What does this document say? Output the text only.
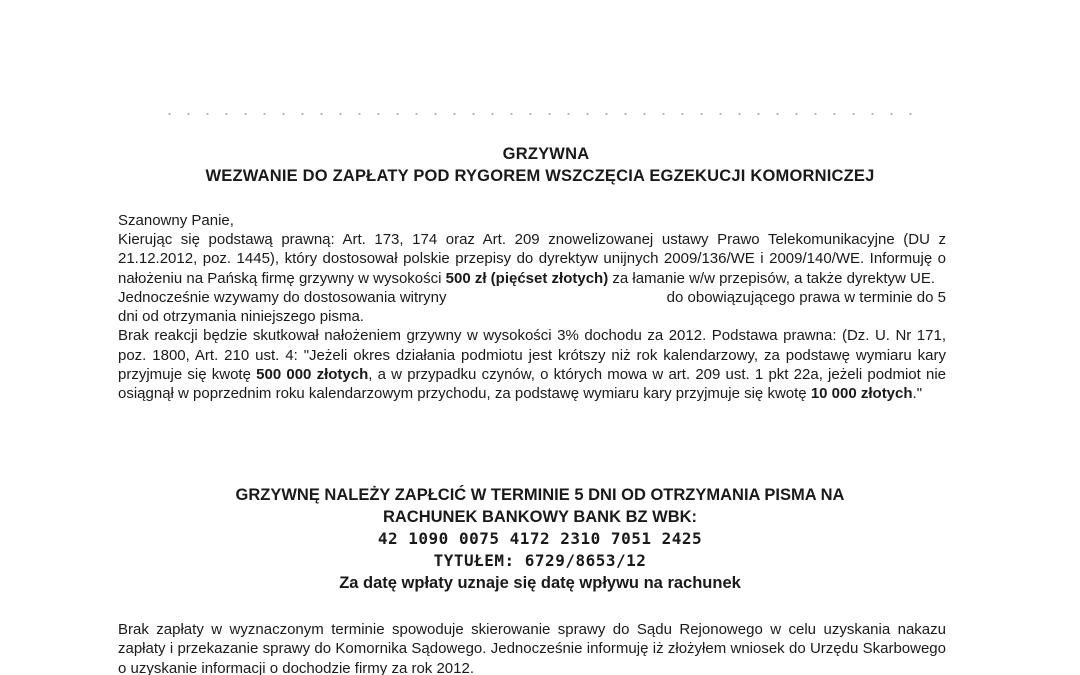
GRZYWNA
WEZWANIE DO ZAPŁATY POD RYGOREM WSZCZĘCIA EGZEKUCJI KOMORNICZEJ
Szanowny Panie,

Kierując się podstawą prawną: Art. 173, 174 oraz Art. 209 znowelizowanej ustawy Prawo Telekomunikacyjne (DU z 21.12.2012, poz. 1445), który dostosował polskie przepisy do dyrektyw unijnych 2009/136/WE i 2009/140/WE. Informuję o nałożeniu na Pańską firmę grzywny w wysokości 500 zł (pięćset złotych) za łamanie w/w przepisów, a także dyrektyw UE.

Jednocześnie wzywamy do dostosowania witryny	do obowiązującego prawa w terminie do 5

dni od otrzymania niniejszego pisma.

Brak reakcji będzie skutkował nałożeniem grzywny w wysokości 3% dochodu za 2012. Podstawa prawna: (Dz. U. Nr 171, poz. 1800, Art. 210 ust. 4: "Jeżeli okres działania podmiotu jest krótszy niż rok kalendarzowy, za podstawę wymiaru kary przyjmuje się kwotę 500 000 złotych, a w przypadku czynów, o których mowa w art. 209 ust. 1 pkt 22a, jeżeli podmiot nie osiągnął w poprzednim roku kalendarzowym przychodu, za podstawę wymiaru kary przyjmuje się kwotę 10 000 złotych."

GRZYWNĘ NALEŻY ZAPŁCIĆ W TERMINIE 5 DNI OD OTRZYMANIA PISMA NA
RACHUNEK BANKOWY BANK BZ WBK:
42 1090 0075 4172 2310 7051 2425
TYTUŁEM: 6729/8653/12
Za datę wpłaty uznaje się datę wpływu na rachunek

Brak zapłaty w wyznaczonym terminie spowoduje skierowanie sprawy do Sądu Rejonowego w celu uzyskania nakazu zapłaty i przekazanie sprawy do Komornika Sądowego. Jednocześnie informuję iż złożyłem wniosek do Urzędu Skarbowego o uzyskanie informacji o dochodzie firmy za rok 2012.
